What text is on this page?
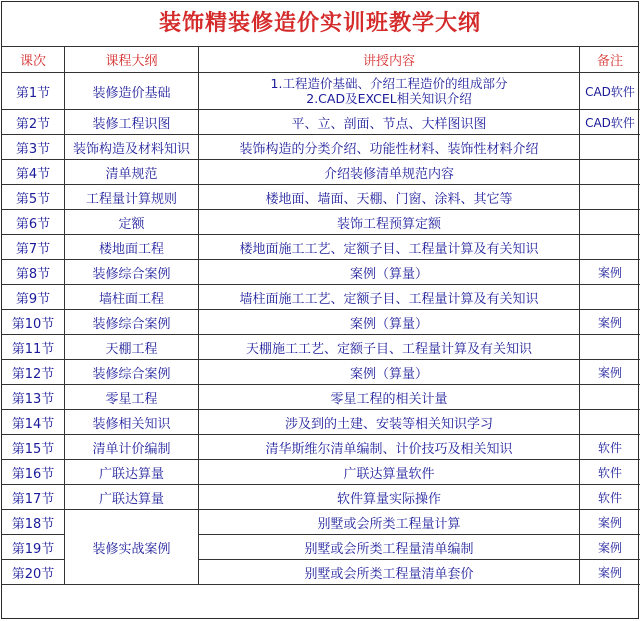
装饰精装修造价实训班教学大纲
课次	课程大纲	讲授内容	备注
第1节	装修造价基础	1.工程造价基础、介绍工程造价的组成部分
2.CAD及EXCEL相关知识介绍	CAD软件
第2节	装修工程识图	平、立、剖面、节点、大样图识图	CAD软件
第3节	装饰构造及材料知识	装饰构造的分类介绍、功能性材料、装饰性材料介绍	
第4节	清单规范	介绍装修清单规范内容	
第5节	工程量计算规则	楼地面、墙面、天棚、门窗、涂料、其它等	
第6节	定额	装饰工程预算定额	
第7节	楼地面工程	楼地面施工工艺、定额子目、工程量计算及有关知识	
第8节	装修综合案例	案例（算量）	案例
第9节	墙柱面工程	墙柱面施工工艺、定额子目、工程量计算及有关知识	
第10节	装修综合案例	案例（算量）	案例
第11节	天棚工程	天棚施工工艺、定额子目、工程量计算及有关知识	
第12节	装修综合案例	案例（算量）	案例
第13节	零星工程	零星工程的相关计量	
第14节	装修相关知识	涉及到的土建、安装等相关知识学习	
第15节	清单计价编制	清华斯维尔清单编制、计价技巧及相关知识	软件
第16节	广联达算量	广联达算量软件	软件
第17节	广联达算量	软件算量实际操作	软件
第18节	装修实战案例	别墅或会所类工程量计算	案例
第19节		别墅或会所类工程量清单编制	案例
第20节		别墅或会所类工程量清单套价	案例
